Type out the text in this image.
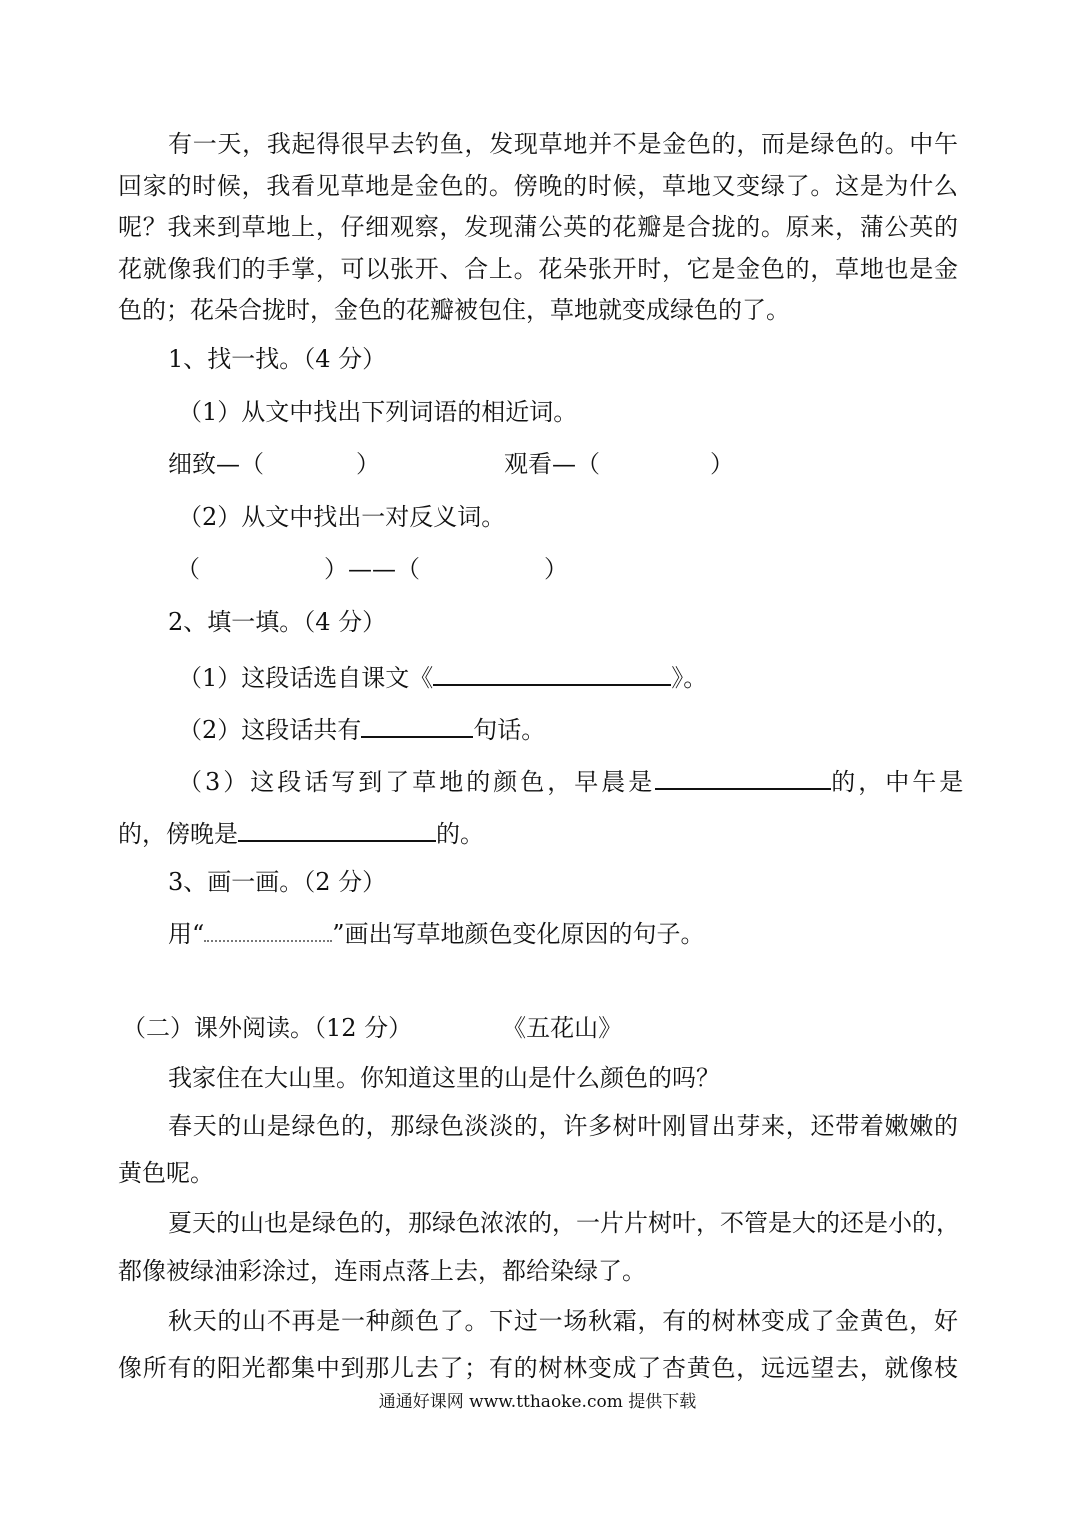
有一天，我起得很早去钓鱼，发现草地并不是金色的，而是绿色的。中午
回家的时候，我看见草地是金色的。傍晚的时候，草地又变绿了。这是为什么
呢？我来到草地上，仔细观察，发现蒲公英的花瓣是合拢的。原来，蒲公英的
花就像我们的手掌，可以张开、合上。花朵张开时，它是金色的，草地也是金
色的；花朵合拢时，金色的花瓣被包住，草地就变成绿色的了。
1、找一找。（4 分）
（1）从文中找出下列词语的相近词。
细致—（	）	观看—（	）
（2）从文中找出一对反义词。
（	）——（	）
2、填一填。（4 分）
（1）这段话选自课文《	》。
（2）这段话共有	句话。
（3）这段话写到了草地的颜色，早晨是	的，中午是
的，傍晚是	的。
3、画一画。（2 分）
用“	”画出写草地颜色变化原因的句子。
（二）课外阅读。（12 分）	《五花山》
我家住在大山里。你知道这里的山是什么颜色的吗？
春天的山是绿色的，那绿色淡淡的，许多树叶刚冒出芽来，还带着嫩嫩的
黄色呢。
夏天的山也是绿色的，那绿色浓浓的，一片片树叶，不管是大的还是小的，
都像被绿油彩涂过，连雨点落上去，都给染绿了。
秋天的山不再是一种颜色了。下过一场秋霜，有的树林变成了金黄色，好
像所有的阳光都集中到那儿去了；有的树林变成了杏黄色，远远望去，就像枝
通通好课网 www.tthaoke.com 提供下载
